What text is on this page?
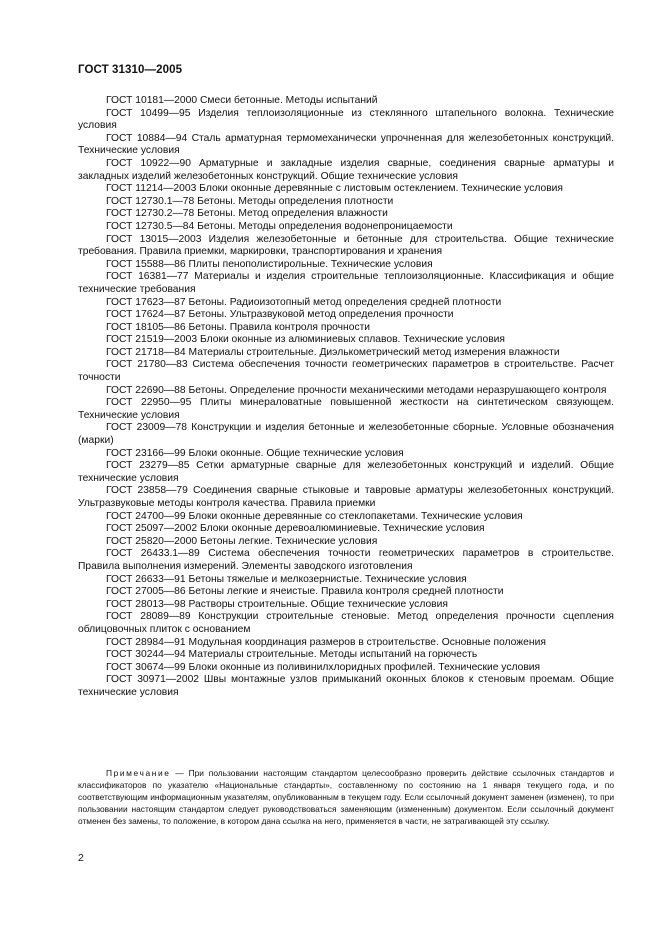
ГОСТ 31310—2005

ГОСТ 10181—2000 Смеси бетонные. Методы испытаний

ГОСТ 10499—95 Изделия теплоизоляционные из стеклянного штапельного волокна. Технические условия

ГОСТ 10884—94 Сталь арматурная термомеханически упрочненная для железобетонных конструкций. Технические условия

ГОСТ 10922—90 Арматурные и закладные изделия сварные, соединения сварные арматуры и закладных изделий железобетонных конструкций. Общие технические условия

ГОСТ 11214—2003 Блоки оконные деревянные с листовым остеклением. Технические условия

ГОСТ 12730.1—78 Бетоны. Методы определения плотности

ГОСТ 12730.2—78 Бетоны. Метод определения влажности

ГОСТ 12730.5—84 Бетоны. Методы определения водонепроницаемости

ГОСТ 13015—2003 Изделия железобетонные и бетонные для строительства. Общие технические требования. Правила приемки, маркировки, транспортирования и хранения

ГОСТ 15588—86 Плиты пенополистирольные. Технические условия

ГОСТ 16381—77 Материалы и изделия строительные теплоизоляционные. Классификация и общие технические требования

ГОСТ 17623—87 Бетоны. Радиоизотопный метод определения средней плотности

ГОСТ 17624—87 Бетоны. Ультразвуковой метод определения прочности

ГОСТ 18105—86 Бетоны. Правила контроля прочности

ГОСТ 21519—2003 Блоки оконные из алюминиевых сплавов. Технические условия

ГОСТ 21718—84 Материалы строительные. Диэлькометрический метод измерения влажности

ГОСТ 21780—83 Система обеспечения точности геометрических параметров в строительстве. Расчет точности

ГОСТ 22690—88 Бетоны. Определение прочности механическими методами неразрушающего контроля

ГОСТ 22950—95 Плиты минераловатные повышенной жесткости на синтетическом связующем. Технические условия

ГОСТ 23009—78 Конструкции и изделия бетонные и железобетонные сборные. Условные обозначения (марки)

ГОСТ 23166—99 Блоки оконные. Общие технические условия

ГОСТ 23279—85 Сетки арматурные сварные для железобетонных конструкций и изделий. Общие технические условия

ГОСТ 23858—79 Соединения сварные стыковые и тавровые арматуры железобетонных конструкций. Ультразвуковые методы контроля качества. Правила приемки

ГОСТ 24700—99 Блоки оконные деревянные со стеклопакетами. Технические условия

ГОСТ 25097—2002 Блоки оконные деревоалюминиевые. Технические условия

ГОСТ 25820—2000 Бетоны легкие. Технические условия

ГОСТ 26433.1—89 Система обеспечения точности геометрических параметров в строительстве. Правила выполнения измерений. Элементы заводского изготовления

ГОСТ 26633—91 Бетоны тяжелые и мелкозернистые. Технические условия

ГОСТ 27005—86 Бетоны легкие и ячеистые. Правила контроля средней плотности

ГОСТ 28013—98 Растворы строительные. Общие технические условия

ГОСТ 28089—89 Конструкции строительные стеновые. Метод определения прочности сцепления облицовочных плиток с основанием

ГОСТ 28984—91 Модульная координация размеров в строительстве. Основные положения

ГОСТ 30244—94 Материалы строительные. Методы испытаний на горючесть

ГОСТ 30674—99 Блоки оконные из поливинилхлоридных профилей. Технические условия

ГОСТ 30971—2002 Швы монтажные узлов примыканий оконных блоков к стеновым проемам. Общие технические условия

Примечание — При пользовании настоящим стандартом целесообразно проверить действие ссылочных стандартов и классификаторов по указателю «Национальные стандарты», составленному по состоянию на 1 января текущего года, и по соответствующим информационным указателям, опубликованным в текущем году. Если ссылочный документ заменен (изменен), то при пользовании настоящим стандартом следует руководствоваться заменяющим (измененным) документом. Если ссылочный документ отменен без замены, то положение, в котором дана ссылка на него, применяется в части, не затрагивающей эту ссылку.
2
